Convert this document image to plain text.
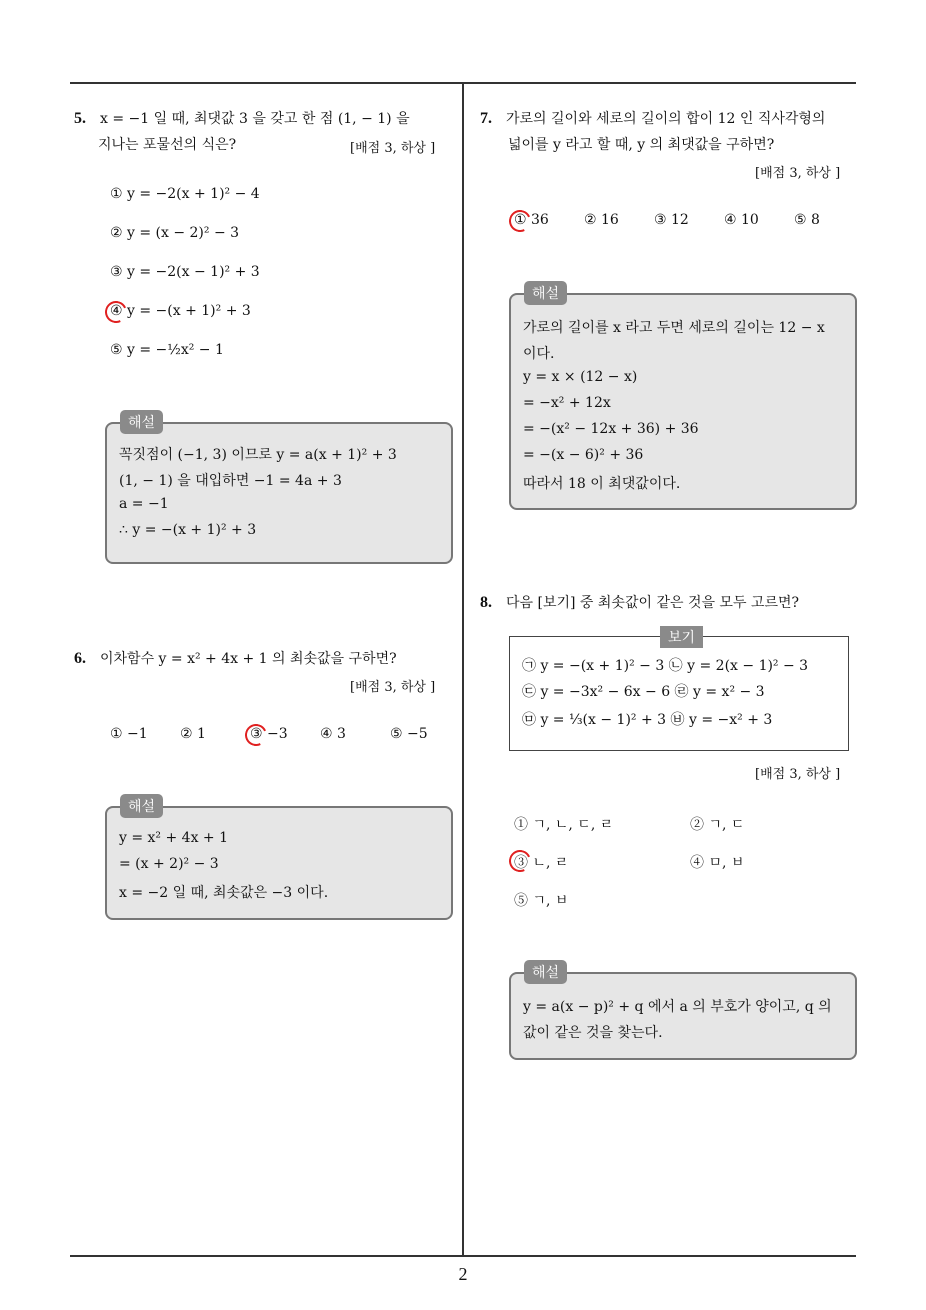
5. x = −1 일 때, 최댓값 3 을 갖고 한 점 (1, − 1) 을
지나는 포물선의 식은?	[배점 3, 하상 ]
① y = −2(x + 1)² − 4
② y = (x − 2)² − 3
③ y = −2(x − 1)² + 3
④ y = −(x + 1)² + 3
⑤ y = −½x² − 1
꼭짓점이 (−1, 3) 이므로 y = a(x + 1)² + 3
(1, − 1) 을 대입하면 −1 = 4a + 3
a = −1
∴ y = −(x + 1)² + 3
해설
6. 이차함수 y = x² + 4x + 1 의 최솟값을 구하면?
[배점 3, 하상 ]
① −1 ② 1	③ −3 ④ 3	⑤ −5
y = x² + 4x + 1
= (x + 2)² − 3
x = −2 일 때, 최솟값은 −3 이다.
해설
7. 가로의 길이와 세로의 길이의 합이 12 인 직사각형의
넓이를 y 라고 할 때, y 의 최댓값을 구하면?
[배점 3, 하상 ]
① 36	② 16	③ 12	④ 10	⑤ 8
가로의 길이를 x 라고 두면 세로의 길이는 12 − x
이다.
y = x × (12 − x)
= −x² + 12x
= −(x² − 12x + 36) + 36
= −(x − 6)² + 36
따라서 18 이 최댓값이다.
해설
8. 다음 [보기] 중 최솟값이 같은 것을 모두 고르면?
㉠ y = −(x + 1)² − 3 ㉡ y = 2(x − 1)² − 3
㉢ y = −3x² − 6x − 6 ㉣ y = x² − 3
㉤ y = ⅓(x − 1)² + 3 ㉥ y = −x² + 3
보기
[배점 3, 하상 ]
① ㄱ, ㄴ, ㄷ, ㄹ	② ㄱ, ㄷ
③ ㄴ, ㄹ	④ ㅁ, ㅂ
⑤ ㄱ, ㅂ
y = a(x − p)² + q 에서 a 의 부호가 양이고, q 의
값이 같은 것을 찾는다.
해설
2
